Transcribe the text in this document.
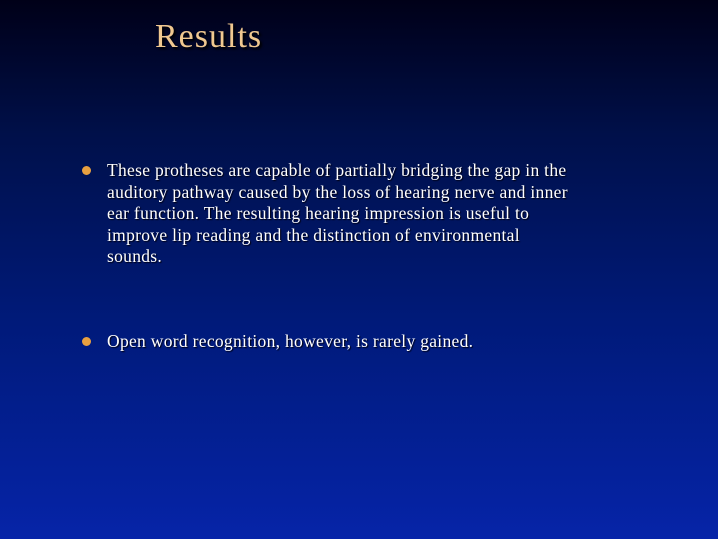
Results
These protheses are capable of partially bridging the gap in the auditory pathway caused by the loss of hearing nerve and inner ear function. The resulting hearing impression is useful to improve lip reading and the distinction of environmental sounds.
Open word recognition, however, is rarely gained.
